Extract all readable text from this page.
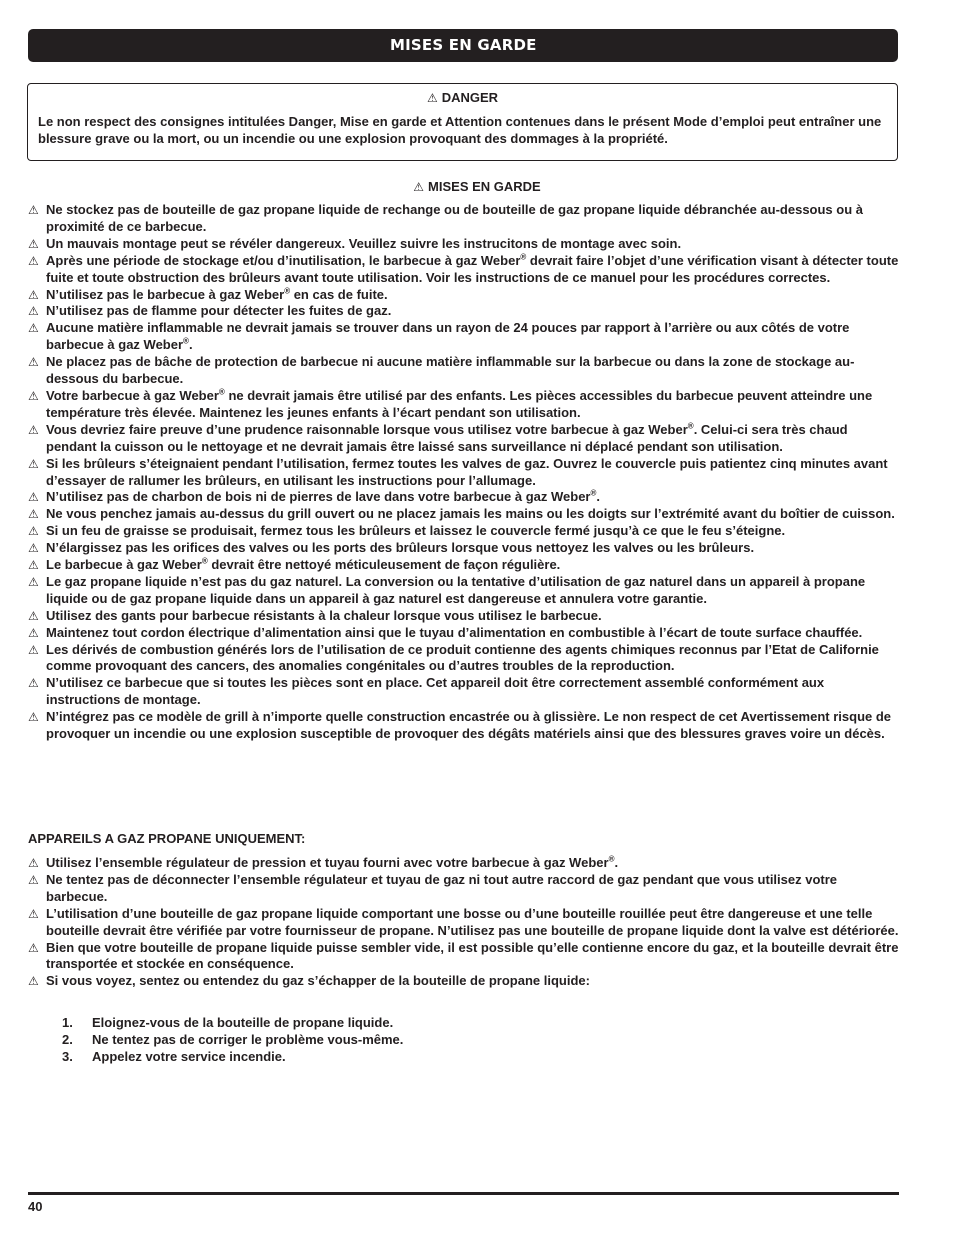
MISES EN GARDE
⚠ DANGER
Le non respect des consignes intitulées Danger, Mise en garde et Attention contenues dans le présent Mode d’emploi peut entraîner une blessure grave ou la mort, ou un incendie ou une explosion provoquant des dommages à la propriété.
⚠ MISES EN GARDE
⚠ Ne stockez pas de bouteille de gaz propane liquide de rechange ou de bouteille de gaz propane liquide débranchée au-dessous ou à proximité de ce barbecue.
⚠ Un mauvais montage peut se révéler dangereux. Veuillez suivre les instrucitons de montage avec soin.
⚠ Après une période de stockage et/ou d’inutilisation, le barbecue à gaz Weber® devrait faire l’objet d’une vérification visant à détecter toute fuite et toute obstruction des brûleurs avant toute utilisation. Voir les instructions de ce manuel pour les procédures correctes.
⚠ N’utilisez pas le barbecue à gaz Weber® en cas de fuite.
⚠ N’utilisez pas de flamme pour détecter les fuites de gaz.
⚠ Aucune matière inflammable ne devrait jamais se trouver dans un rayon de 24 pouces par rapport à l’arrière ou aux côtés de votre barbecue à gaz Weber®.
⚠ Ne placez pas de bâche de protection de barbecue ni aucune matière inflammable sur la barbecue ou dans la zone de stockage au-dessous du barbecue.
⚠ Votre barbecue à gaz Weber® ne devrait jamais être utilisé par des enfants. Les pièces accessibles du barbecue peuvent atteindre une température très élevée. Maintenez les jeunes enfants à l’écart pendant son utilisation.
⚠ Vous devriez faire preuve d’une prudence raisonnable lorsque vous utilisez votre barbecue à gaz Weber®. Celui-ci sera très chaud pendant la cuisson ou le nettoyage et ne devrait jamais être laissé sans surveillance ni déplacé pendant son utilisation.
⚠ Si les brûleurs s’éteignaient pendant l’utilisation, fermez toutes les valves de gaz. Ouvrez le couvercle puis patientez cinq minutes avant d’essayer de rallumer les brûleurs, en utilisant les instructions pour l’allumage.
⚠ N’utilisez pas de charbon de bois ni de pierres de lave dans votre barbecue à gaz Weber®.
⚠ Ne vous penchez jamais au-dessus du grill ouvert ou ne placez jamais les mains ou les doigts sur l’extrémité avant du boîtier de cuisson.
⚠ Si un feu de graisse se produisait, fermez tous les brûleurs et laissez le couvercle fermé jusqu’à ce que le feu s’éteigne.
⚠ N’élargissez pas les orifices des valves ou les ports des brûleurs lorsque vous nettoyez les valves ou les brûleurs.
⚠ Le barbecue à gaz Weber® devrait être nettoyé méticuleusement de façon régulière.
⚠ Le gaz propane liquide n’est pas du gaz naturel. La conversion ou la tentative d’utilisation de gaz naturel dans un appareil à propane liquide ou de gaz propane liquide dans un appareil à gaz naturel est dangereuse et annulera votre garantie.
⚠ Utilisez des gants pour barbecue résistants à la chaleur lorsque vous utilisez le barbecue.
⚠ Maintenez tout cordon électrique d’alimentation ainsi que le tuyau d’alimentation en combustible à l’écart de toute surface chauffée.
⚠ Les dérivés de combustion générés lors de l’utilisation de ce produit contienne des agents chimiques reconnus par l’Etat de Californie comme provoquant des cancers, des anomalies congénitales ou d’autres troubles de la reproduction.
⚠ N’utilisez ce barbecue que si toutes les pièces sont en place. Cet appareil doit être correctement assemblé conformément aux instructions de montage.
⚠ N’intégrez pas ce modèle de grill à n’importe quelle construction encastrée ou à glissière. Le non respect de cet Avertissement risque de provoquer un incendie ou une explosion susceptible de provoquer des dégâts matériels ainsi que des blessures graves voire un décès.
APPAREILS A GAZ PROPANE UNIQUEMENT:
⚠ Utilisez l’ensemble régulateur de pression et tuyau fourni avec votre barbecue à gaz Weber®.
⚠ Ne tentez pas de déconnecter l’ensemble régulateur et tuyau de gaz ni tout autre raccord de gaz pendant que vous utilisez votre barbecue.
⚠ L’utilisation d’une bouteille de gaz propane liquide comportant une bosse ou d’une bouteille rouillée peut être dangereuse et une telle bouteille devrait être vérifiée par votre fournisseur de propane. N’utilisez pas une bouteille de propane liquide dont la valve est détériorée.
⚠ Bien que votre bouteille de propane liquide puisse sembler vide, il est possible qu’elle contienne encore du gaz, et la bouteille devrait être transportée et stockée en conséquence.
⚠ Si vous voyez, sentez ou entendez du gaz s’échapper de la bouteille de propane liquide:
1.	Eloignez-vous de la bouteille de propane liquide.
2.	Ne tentez pas de corriger le problème vous-même.
3.	Appelez votre service incendie.
40
